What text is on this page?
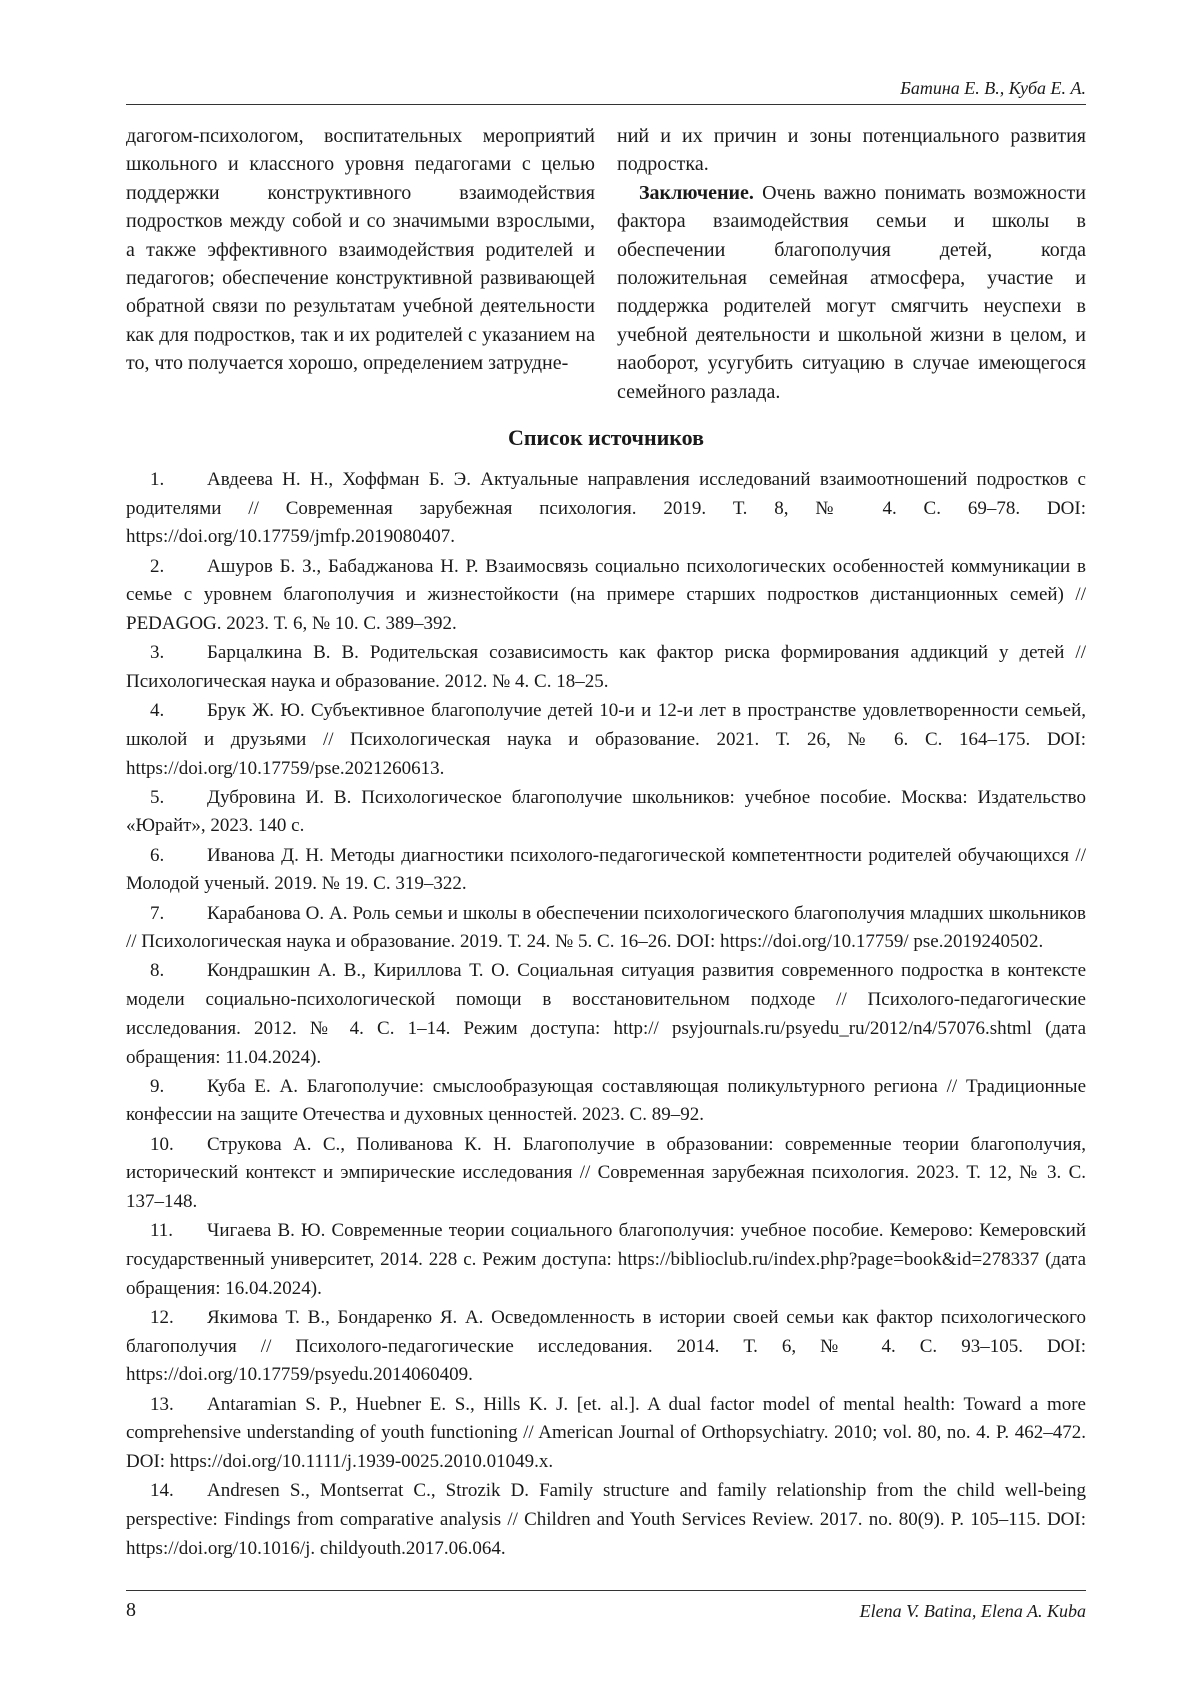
Батина Е. В., Куба Е. А.

дагогом-психологом, воспитательных мероприятий школьного и классного уровня педагогами с целью поддержки конструктивного взаимодействия подростков между собой и со значимыми взрослыми, а также эффективного взаимодействия родителей и педагогов; обеспечение конструктивной развивающей обратной связи по результатам учебной деятельности как для подростков, так и их родителей с указанием на то, что получается хорошо, определением затрудне-

ний и их причин и зоны потенциального развития подростка.

Заключение. Очень важно понимать возможности фактора взаимодействия семьи и школы в обеспечении благополучия детей, когда положительная семейная атмосфера, участие и поддержка родителей могут смягчить неуспехи в учебной деятельности и школьной жизни в целом, и наоборот, усугубить ситуацию в случае имеющегося семейного разлада.

Список источников

1. Авдеева Н. Н., Хоффман Б. Э. Актуальные направления исследований взаимоотношений подростков с родителями // Современная зарубежная психология. 2019. Т. 8, № 4. С. 69–78. DOI: https://doi.org/10.17759/jmfp.2019080407.

2. Ашуров Б. З., Бабаджанова Н. Р. Взаимосвязь социально психологических особенностей коммуникации в семье с уровнем благополучия и жизнестойкости (на примере старших подростков дистанционных семей) // PEDAGOG. 2023. Т. 6, № 10. С. 389–392.

3. Барцалкина В. В. Родительская созависимость как фактор риска формирования аддикций у детей // Психологическая наука и образование. 2012. № 4. С. 18–25.

4. Брук Ж. Ю. Субъективное благополучие детей 10-и и 12-и лет в пространстве удовлетворенности семьей, школой и друзьями // Психологическая наука и образование. 2021. Т. 26, № 6. С. 164–175. DOI: https://doi.org/10.17759/pse.2021260613.

5. Дубровина И. В. Психологическое благополучие школьников: учебное пособие. Москва: Издательство «Юрайт», 2023. 140 с.

6. Иванова Д. Н. Методы диагностики психолого-педагогической компетентности родителей обучающихся // Молодой ученый. 2019. № 19. С. 319–322.

7. Карабанова О. А. Роль семьи и школы в обеспечении психологического благополучия младших школьников // Психологическая наука и образование. 2019. Т. 24. № 5. С. 16–26. DOI: https://doi.org/10.17759/ pse.2019240502.

8. Кондрашкин А. В., Кириллова Т. О. Социальная ситуация развития современного подростка в контексте модели социально-психологической помощи в восстановительном подходе // Психолого-педагогические исследования. 2012. № 4. С. 1–14. Режим доступа: http:// psyjournals.ru/psyedu_ru/2012/n4/57076.shtml (дата обращения: 11.04.2024).

9. Куба Е. А. Благополучие: смыслообразующая составляющая поликультурного региона // Традиционные конфессии на защите Отечества и духовных ценностей. 2023. С. 89–92.

10. Струкова А. С., Поливанова К. Н. Благополучие в образовании: современные теории благополучия, исторический контекст и эмпирические исследования // Современная зарубежная психология. 2023. Т. 12, № 3. С. 137–148.

11. Чигаева В. Ю. Современные теории социального благополучия: учебное пособие. Кемерово: Кемеровский государственный университет, 2014. 228 с. Режим доступа: https://biblioclub.ru/index.php?page=book&id=278337 (дата обращения: 16.04.2024).

12. Якимова Т. В., Бондаренко Я. А. Осведомленность в истории своей семьи как фактор психологического благополучия // Психолого-педагогические исследования. 2014. Т. 6, № 4. С. 93–105. DOI: https://doi.org/10.17759/psyedu.2014060409.

13. Antaramian S. P., Huebner E. S., Hills K. J. [et. al.]. A dual factor model of mental health: Toward a more comprehensive understanding of youth functioning // American Journal of Orthopsychiatry. 2010; vol. 80, no. 4. P. 462–472. DOI: https://doi.org/10.1111/j.1939-0025.2010.01049.x.

14. Andresen S., Montserrat C., Strozik D. Family structure and family relationship from the child well-being perspective: Findings from comparative analysis // Children and Youth Services Review. 2017. no. 80(9). P. 105–115. DOI: https://doi.org/10.1016/j. childyouth.2017.06.064.

8	Elena V. Batina, Elena A. Kuba
